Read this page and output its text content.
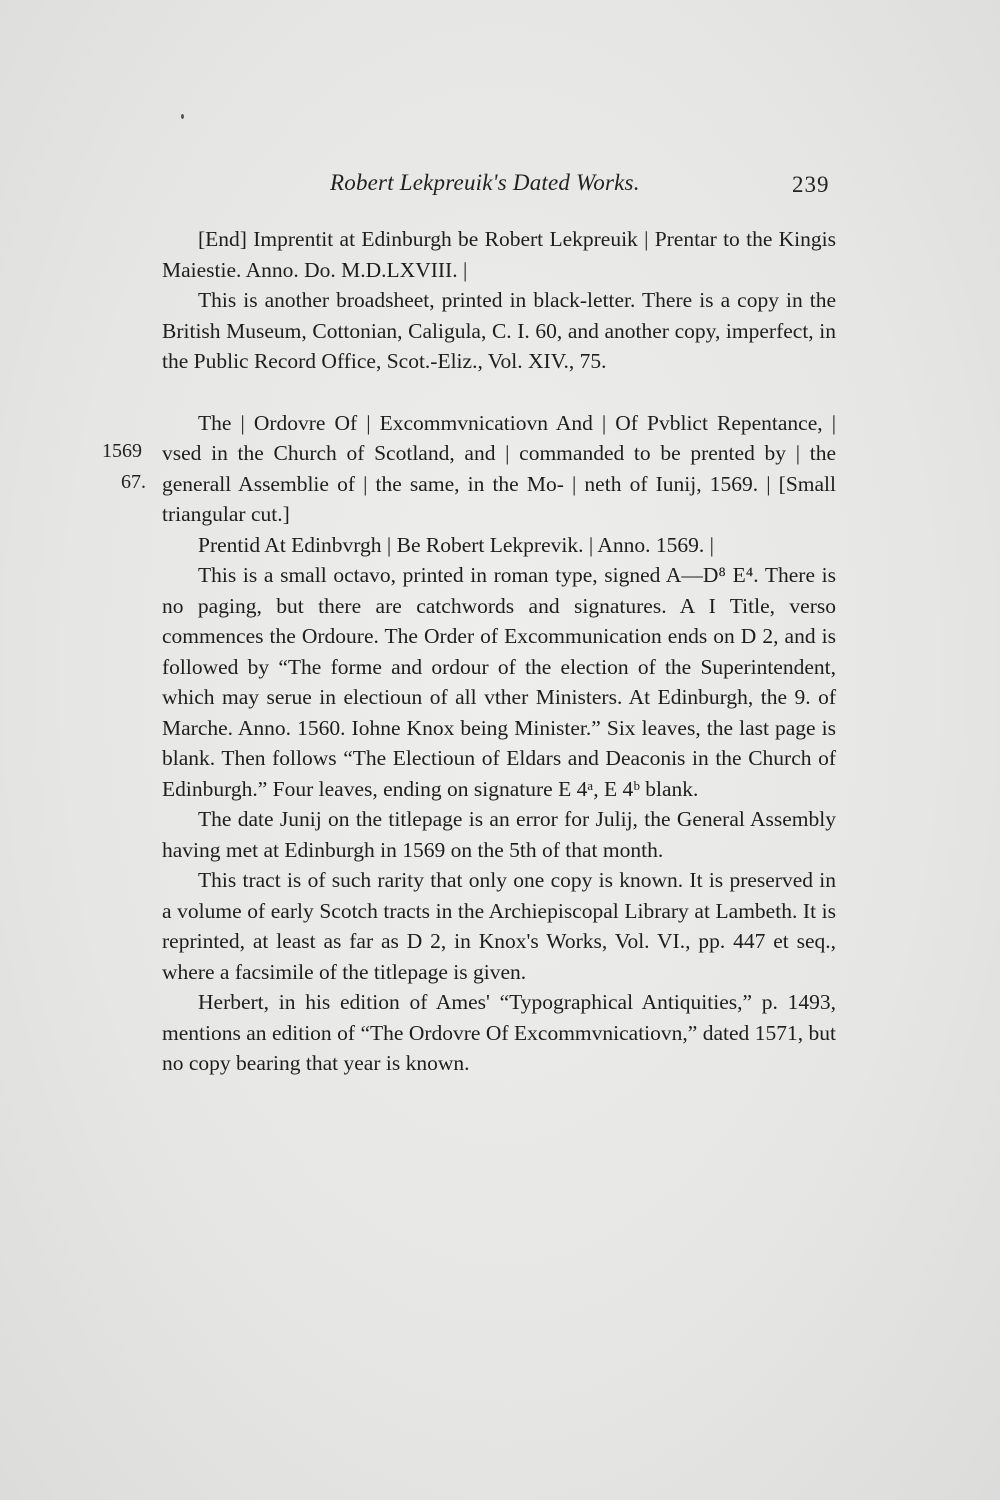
Robert Lekpreuik's Dated Works.	239
1569
67.

[End] Imprentit at Edinburgh be Robert Lekpreuik | Prentar to the Kingis Maiestie. Anno. Do. M.D.LXVIII. |

This is another broadsheet, printed in black-letter. There is a copy in the British Museum, Cottonian, Caligula, C. I. 60, and another copy, imperfect, in the Public Record Office, Scot.-Eliz., Vol. XIV., 75.

The | Ordovre Of | Excommvnicatiovn And | Of Pvblict Repentance, | vsed in the Church of Scotland, and | commanded to be prented by | the generall Assemblie of | the same, in the Mo- | neth of Iunij, 1569. | [Small triangular cut.]

Prentid At Edinbvrgh | Be Robert Lekprevik. | Anno. 1569. |

This is a small octavo, printed in roman type, signed A—D⁸ E⁴. There is no paging, but there are catchwords and signatures. A I Title, verso commences the Ordoure. The Order of Excommunication ends on D 2, and is followed by “The forme and ordour of the election of the Superintendent, which may serue in electioun of all vther Ministers. At Edinburgh, the 9. of Marche. Anno. 1560. Iohne Knox being Minister.” Six leaves, the last page is blank. Then follows “The Electioun of Eldars and Deaconis in the Church of Edinburgh.” Four leaves, ending on signature E 4ᵃ, E 4ᵇ blank.

The date Junij on the titlepage is an error for Julij, the General Assembly having met at Edinburgh in 1569 on the 5th of that month.

This tract is of such rarity that only one copy is known. It is preserved in a volume of early Scotch tracts in the Archiepiscopal Library at Lambeth. It is reprinted, at least as far as D 2, in Knox's Works, Vol. VI., pp. 447 et seq., where a facsimile of the titlepage is given.

Herbert, in his edition of Ames' “Typographical Antiquities,” p. 1493, mentions an edition of “The Ordovre Of Excommvnicatiovn,” dated 1571, but no copy bearing that year is known.
